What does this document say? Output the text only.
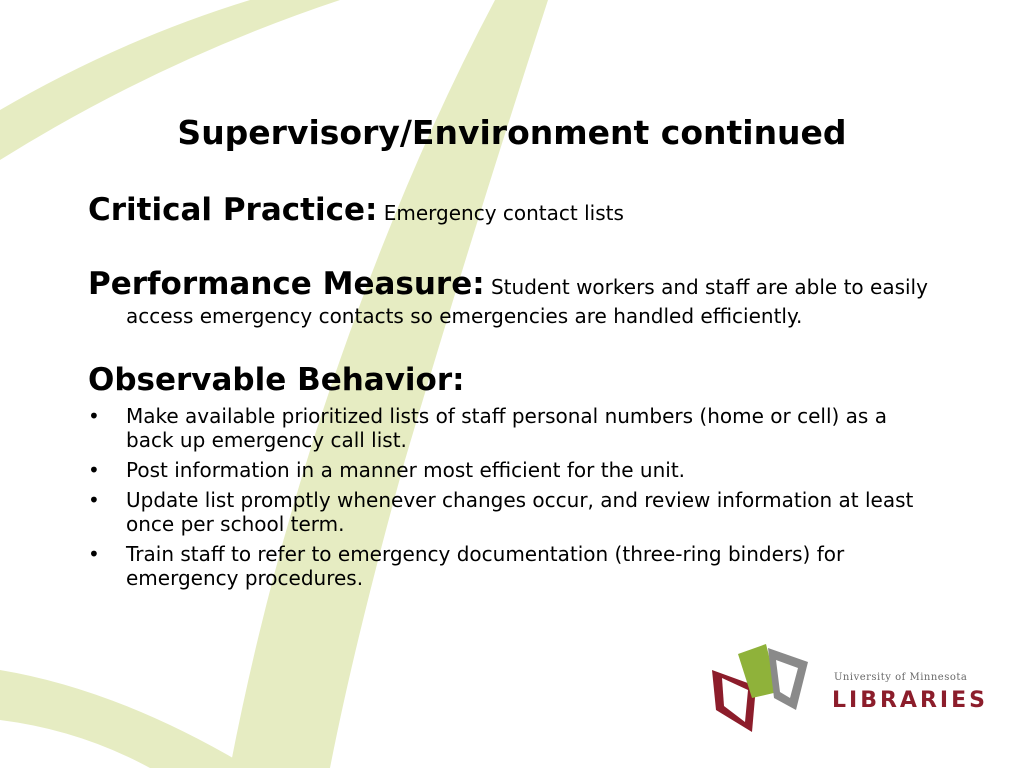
Supervisory/Environment continued
Critical Practice: Emergency contact lists
Performance Measure: Student workers and staff are able to easily access emergency contacts so emergencies are handled efficiently.
Observable Behavior:
• Make available prioritized lists of staff personal numbers (home or cell) as a back up emergency call list.
• Post information in a manner most efficient for the unit.
• Update list promptly whenever changes occur, and review information at least once per school term.
• Train staff to refer to emergency documentation (three-ring binders) for emergency procedures.
University of Minnesota
LIBRARIES
